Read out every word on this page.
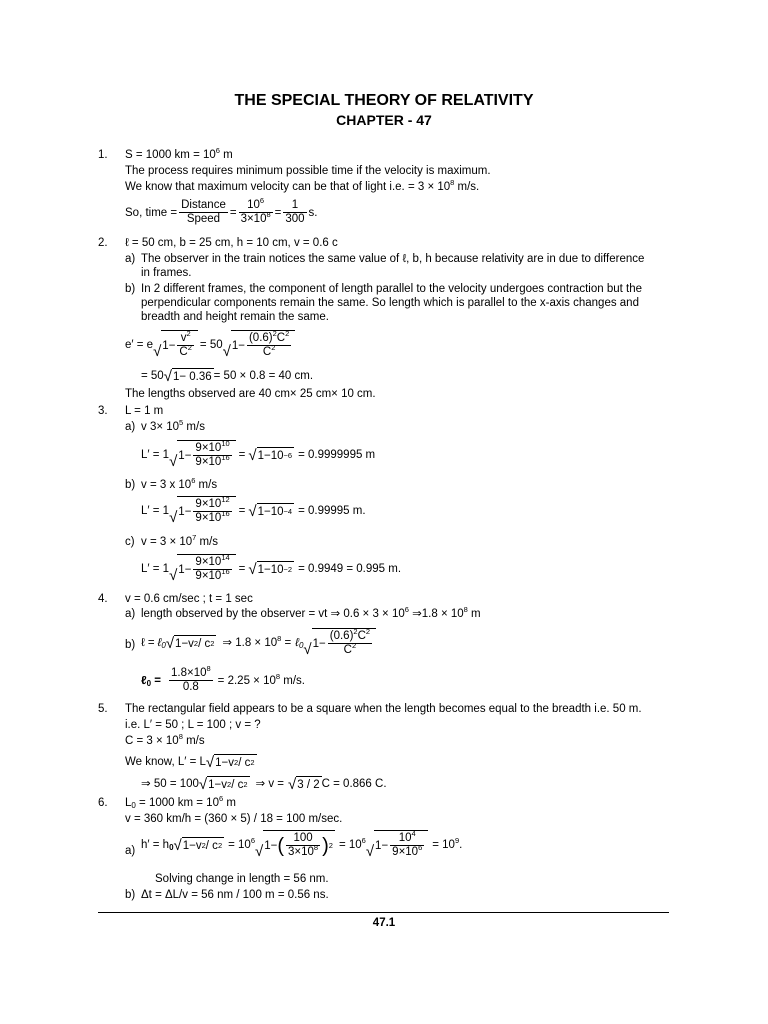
THE SPECIAL THEORY OF RELATIVITY
CHAPTER - 47
1.	S = 1000 km = $10^6$ m
The process requires minimum possible time if the velocity is maximum.
We know that maximum velocity can be that of light i.e. = $3 \times 10^8$ m/s.
So, time = $\frac{\text{Distance}}{\text{Speed}} = \frac{10^6}{3\times 10^8} = \frac{1}{300} s$.
2.	ℓ = 50 cm, b = 25 cm, h = 10 cm, v = 0.6 c
a) The observer in the train notices the same value of ℓ, b, h because relativity are in due to difference
in frames.
b) In 2 different frames, the component of length parallel to the velocity undergoes contraction but the
perpendicular components remain the same. So length which is parallel to the x-axis changes and
breadth and height remain the same.
e′ = e √ $1- \frac{v^2}{C^2} = 50$ √ $1- \frac{(0.6)^2C^2}{C^2}$
= 50 √ 1− 0.36 = 50 × 0.8 = 40 cm.
The lengths observed are 40 cm× 25 cm× 10 cm.
3.	L = 1 m
a) v $3\times 10^5$ m/s
L′ = 1 √ $1- \frac{9\times 10^{10}}{9\times 10^{16}}$ = √ 1−10 −6 = 0.9999995 m
b) v = 3 x $10^6$ m/s
L′ = 1 √ $1- \frac{9\times 10^{12}}{9\times 10^{16}}$ = √ 1−10 −4 = 0.99995 m.
c) $v = 3 \times 10^7$ m/s
L′ = 1 √ $1- \frac{9\times 10^{14}}{9\times 10^{16}}$ = √ 1−10 −2 = 0.9949 = 0.995 m.
4.	v = 0.6 cm/sec ; t = 1 sec
a) length observed by the observer = vt ⇒ $0.6 \times 3 \times 10^6$ ⇒1.8 × $10^8$ m
b) ℓ = ℓ$_0$ √ 1−v 2 / c 2 ⇒ $1.8 \times 10^8$ = ℓ$_0$ √ $1- \frac{(0.6)^2C^2}{C^2}$
ℓ$_0$ = $\frac{1.8\times 10^8}{0.8} = 2.25 \times 10^8$ m/s.
5.	The rectangular field appears to be a square when the length becomes equal to the breadth i.e. 50 m.
i.e. L′ = 50 ; L = 100 ; v = ?
$C = 3 \times 10^8$ m/s
We know, L′ = L √ 1−v 2 / c 2
⇒ 50 = 100 √ 1−v 2 / c 2 ⇒ v = √ 3 / 2 C = 0.866 C.
6.	$L_0 = 1000$ km = $10^6$ m
v = 360 km/h = (360 × 5) / 18 = 100 m/sec.
a)
$h' = h_0$ √ 1−v 2 / c $2 = 10^6$
√ 1− ( $\frac{100}{3\times 10^8}$ ) $2 = 10^6$
√ $1- \frac{10^4}{9\times 10^6} = 10^9$.
Solving change in length = 56 nm.
b) Δt = ΔL/v = 56 nm / 100 m = 0.56 ns.
47.1
